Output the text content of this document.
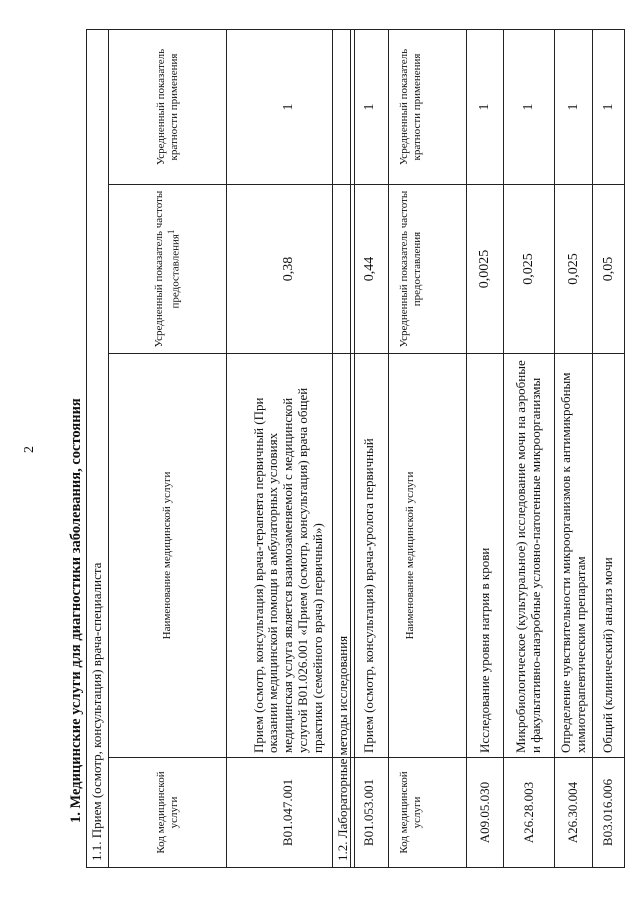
2 1. Медицинские услуги для диагностики заболевания, состояния 1.1. Прием (осмотр, консультация) врача-специалиста			
Код медицинской услуги	Наименование медицинской услуги	Усредненный показатель частоты предоставления$^1$	Усредненный показатель кратности применения
B01.047.001	Прием (осмотр, консультация) врача-терапевта первичный (При оказании медицинской помощи в амбулаторных условиях медицинская услуга является взаимозаменяемой с медицинской услугой B01.026.001 «Прием (осмотр, консультация) врача общей практики (семейного врача) первичный»)	0,38	1
B01.053.001	Прием (осмотр, консультация) врача-уролога первичный	0,44	1
1.2. Лабораторные методы исследования			
Код медицинской услуги	Наименование медицинской услуги	Усредненный показатель частоты предоставления	Усредненный показатель кратности применения
A09.05.030	Исследование уровня натрия в крови	0,0025	1
A26.28.003	Микробиологическое (культуральное) исследование мочи на аэробные и факультативно-анаэробные условно-патогенные микроорганизмы	0,025	1
A26.30.004	Определение чувствительности микроорганизмов к антимикробным химиотерапевтическим препаратам	0,025	1
B03.016.006	Общий (клинический) анализ мочи	0,05	1
